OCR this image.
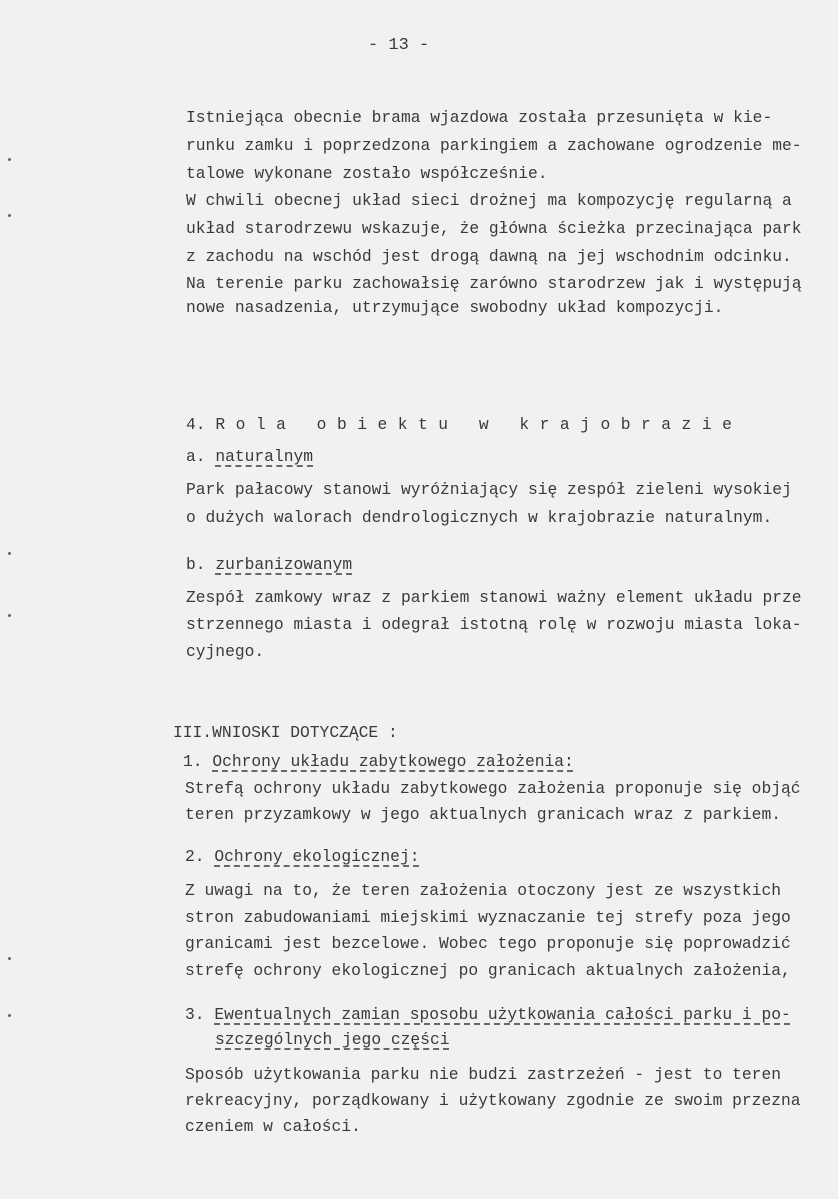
- 13 -
Istniejąca obecnie brama wjazdowa została przesunięta w kie-
runku zamku i poprzedzona parkingiem a zachowane ogrodzenie me-
talowe wykonane zostało współcześnie.
W chwili obecnej układ sieci drożnej ma kompozycję regularną a
układ starodrzewu wskazuje, że główna ścieżka przecinająca park
z zachodu na wschód jest drogą dawną na jej wschodnim odcinku.
Na terenie parku zachowałsię zarówno starodrzew jak i występują
nowe nasadzenia, utrzymujące swobodny układ kompozycji.
4. Rola obiektu w krajobrazie
a. naturalnym
Park pałacowy stanowi wyróżniający się zespół zieleni wysokiej
o dużych walorach dendrologicznych w krajobrazie naturalnym.
b. zurbanizowanym
Zespół zamkowy wraz z parkiem stanowi ważny element układu prze
strzennego miasta i odegrał istotną rolę w rozwoju miasta loka-
cyjnego.
III.WNIOSKI DOTYCZĄCE :
1. Ochrony układu zabytkowego założenia:
Strefą ochrony układu zabytkowego założenia proponuje się objąć
teren przyzamkowy w jego aktualnych granicach wraz z parkiem.
2. Ochrony ekologicznej:
Z uwagi na to, że teren założenia otoczony jest ze wszystkich
stron zabudowaniami miejskimi wyznaczanie tej strefy poza jego
granicami jest bezcelowe. Wobec tego proponuje się poprowadzić
strefę ochrony ekologicznej po granicach aktualnych założenia,
3. Ewentualnych zamian sposobu użytkowania całości parku i po-
szczególnych jego części
Sposób użytkowania parku nie budzi zastrzeżeń - jest to teren
rekreacyjny, porządkowany i użytkowany zgodnie ze swoim przezna
czeniem w całości.
